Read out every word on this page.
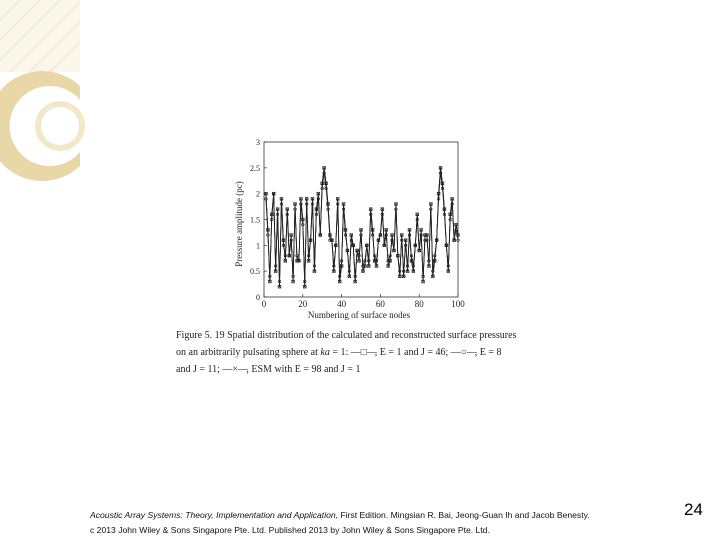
Pressure amplitude (pc)
Numbering of surface nodes
0	20	40	60	80	100
0
0.5
1
1.5
2
2.5
3
Figure 5. 19 Spatial distribution of the calculated and reconstructed surface pressures
on an arbitrarily pulsating sphere at ka = 1: —□—, E = 1 and J = 46; —○—, E = 8
and J = 11; —×—, ESM with E = 98 and J = 1
Acoustic Array Systems: Theory, Implementation and Application, First Edition. Mingsian R. Bai, Jeong-Guan Ih and Jacob Benesty.
c 2013 John Wiley & Sons Singapore Pte. Ltd. Published 2013 by John Wiley & Sons Singapore Pte. Ltd.
24
